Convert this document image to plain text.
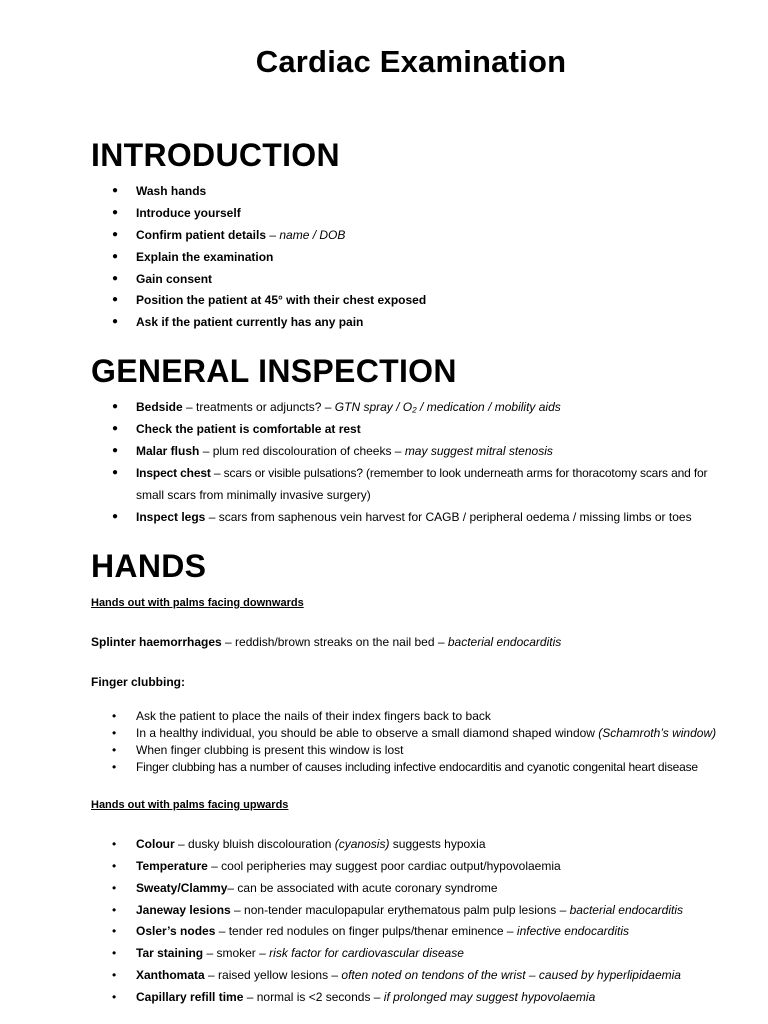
Cardiac Examination
INTRODUCTION
● Wash hands
● Introduce yourself
● Confirm patient details – name / DOB
● Explain the examination
● Gain consent
● Position the patient at 45° with their chest exposed
● Ask if the patient currently has any pain
GENERAL INSPECTION
● Bedside – treatments or adjuncts? – GTN spray / O₂ / medication / mobility aids
● Check the patient is comfortable at rest
● Malar flush – plum red discolouration of cheeks – may suggest mitral stenosis
● Inspect chest – scars or visible pulsations? (remember to look underneath arms for thoracotomy scars and for
small scars from minimally invasive surgery)
● Inspect legs – scars from saphenous vein harvest for CAGB / peripheral oedema / missing limbs or toes
HANDS
Hands out with palms facing downwards
Splinter haemorrhages – reddish/brown streaks on the nail bed – bacterial endocarditis
Finger clubbing:
• Ask the patient to place the nails of their index fingers back to back
• In a healthy individual, you should be able to observe a small diamond shaped window (Schamroth’s window)
• When finger clubbing is present this window is lost
• Finger clubbing has a number of causes including infective endocarditis and cyanotic congenital heart disease
Hands out with palms facing upwards
• Colour – dusky bluish discolouration (cyanosis) suggests hypoxia
• Temperature – cool peripheries may suggest poor cardiac output/hypovolaemia
• Sweaty/Clammy– can be associated with acute coronary syndrome
• Janeway lesions – non-tender maculopapular erythematous palm pulp lesions – bacterial endocarditis
• Osler’s nodes – tender red nodules on finger pulps/thenar eminence – infective endocarditis
• Tar staining – smoker – risk factor for cardiovascular disease
• Xanthomata – raised yellow lesions – often noted on tendons of the wrist – caused by hyperlipidaemia
• Capillary refill time – normal is <2 seconds – if prolonged may suggest hypovolaemia
